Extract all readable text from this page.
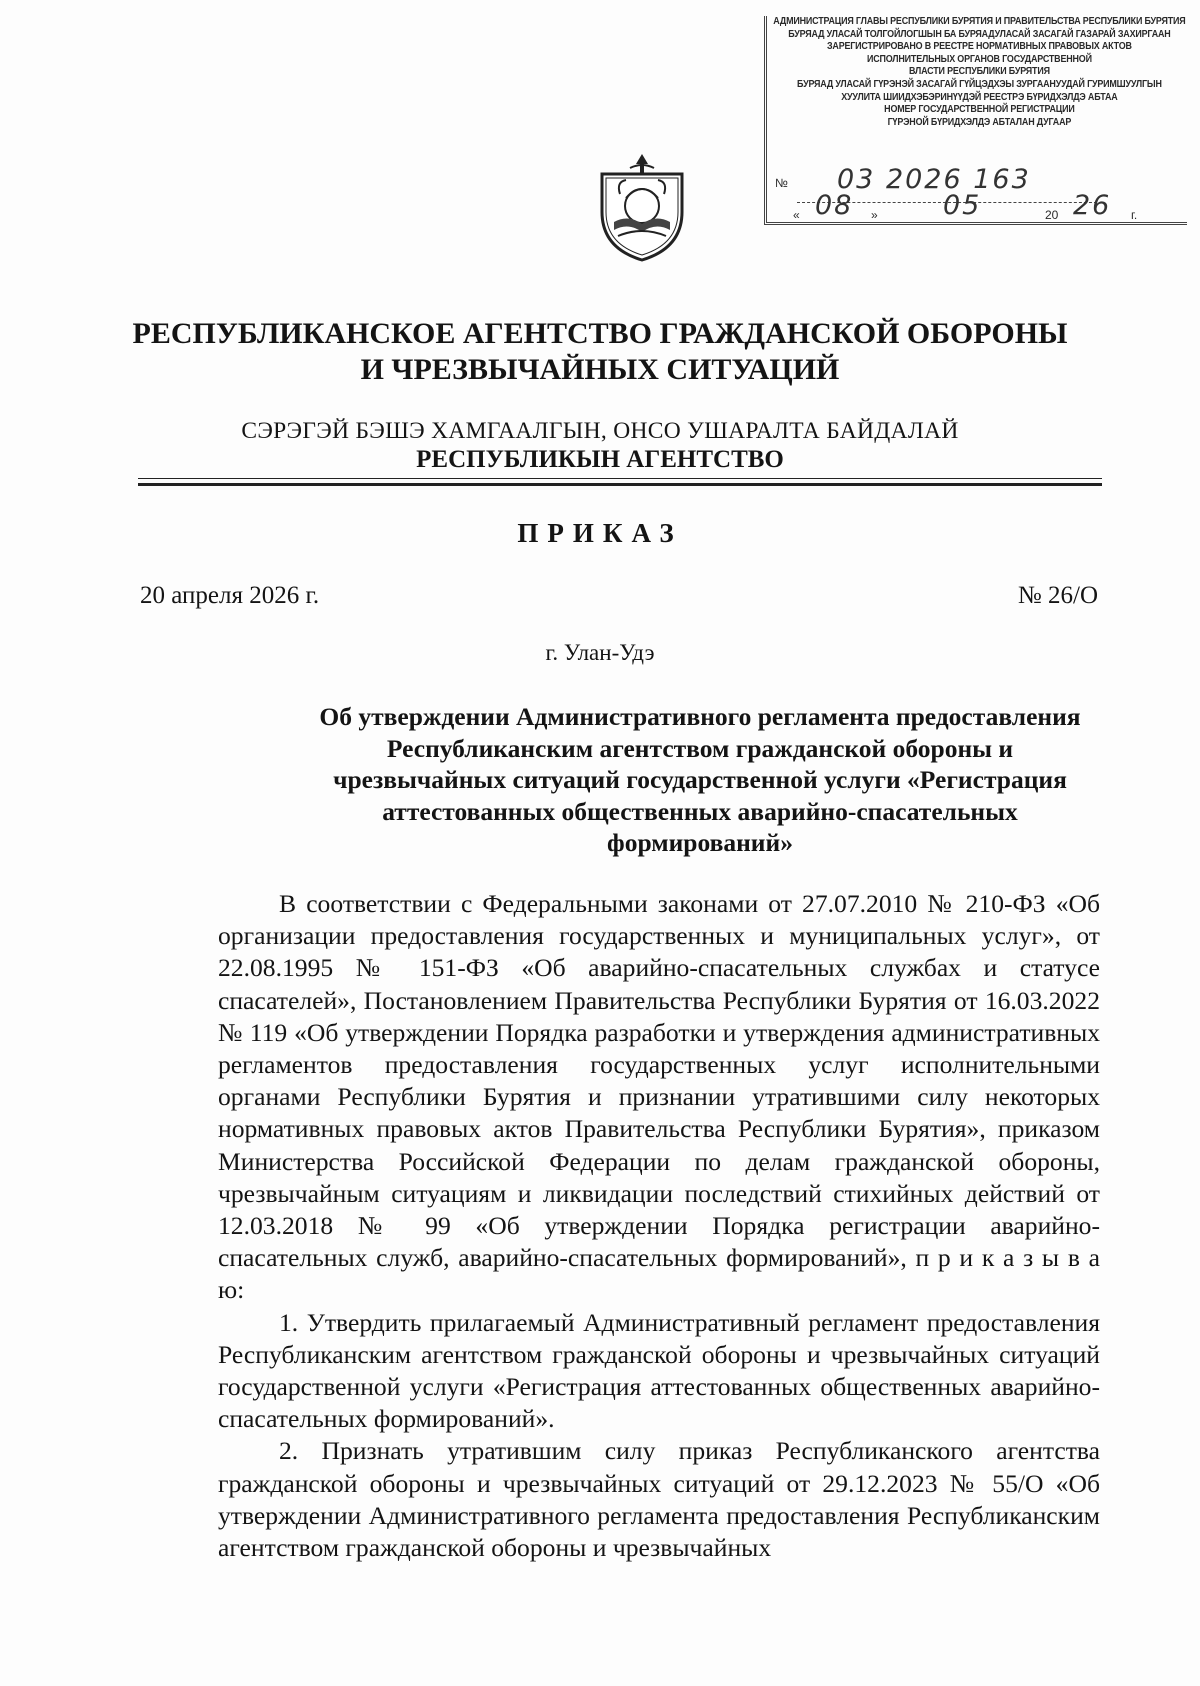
АДМИНИСТРАЦИЯ ГЛАВЫ РЕСПУБЛИКИ БУРЯТИЯ И ПРАВИТЕЛЬСТВА РЕСПУБЛИКИ БУРЯТИЯ
БУРЯАД УЛАСАЙ ТОЛГОЙЛОГШЫН БА БУРЯАДУЛАСАЙ ЗАСАГАЙ ГАЗАРАЙ ЗАХИРГААН
ЗАРЕГИСТРИРОВАНО В РЕЕСТРЕ НОРМАТИВНЫХ ПРАВОВЫХ АКТОВ
ИСПОЛНИТЕЛЬНЫХ ОРГАНОВ ГОСУДАРСТВЕННОЙ
ВЛАСТИ РЕСПУБЛИКИ БУРЯТИЯ
БУРЯАД УЛАСАЙ ГҮРЭНЭЙ ЗАСАГАЙ ГҮЙЦЭДХЭЫ ЗУРГААНУУДАЙ ГУРИМШУУЛГЫН
ХУУЛИТА ШИИДХЭБЭРИНҮҮДЭЙ РЕЕСТРЭ БҮРИДХЭЛДЭ АБТАА
НОМЕР ГОСУДАРСТВЕННОЙ РЕГИСТРАЦИИ
ГҮРЭНОЙ БҮРИДХЭЛДЭ АБТАЛАН ДУГААР
№ 03 2026 163
« 08 » 05	20 26 г.
РЕСПУБЛИКАНСКОЕ АГЕНТСТВО ГРАЖДАНСКОЙ ОБОРОНЫ
И ЧРЕЗВЫЧАЙНЫХ СИТУАЦИЙ
СЭРЭГЭЙ БЭШЭ ХАМГААЛГЫН, ОНСО УШАРАЛТА БАЙДАЛАЙ
РЕСПУБЛИКЫН АГЕНТСТВО
ПРИКАЗ
20 апреля 2026 г.	№ 26/О
г. Улан-Удэ
Об утверждении Административного регламента предоставления Республиканским агентством гражданской обороны и чрезвычайных ситуаций государственной услуги «Регистрация аттестованных общественных аварийно-спасательных формирований»

В соответствии с Федеральными законами от 27.07.2010 № 210-ФЗ «Об организации предоставления государственных и муниципальных услуг», от 22.08.1995 № 151-ФЗ «Об аварийно-спасательных службах и статусе спасателей», Постановлением Правительства Республики Бурятия от 16.03.2022 № 119 «Об утверждении Порядка разработки и утверждения административных регламентов предоставления государственных услуг исполнительными органами Республики Бурятия и признании утратившими силу некоторых нормативных правовых актов Правительства Республики Бурятия», приказом Министерства Российской Федерации по делам гражданской обороны, чрезвычайным ситуациям и ликвидации последствий стихийных действий от 12.03.2018 № 99 «Об утверждении Порядка регистрации аварийно-спасательных служб, аварийно-спасательных формирований», п р и к а з ы в а ю:

1. Утвердить прилагаемый Административный регламент предоставления Республиканским агентством гражданской обороны и чрезвычайных ситуаций государственной услуги «Регистрация аттестованных общественных аварийно-спасательных формирований».

2. Признать утратившим силу приказ Республиканского агентства гражданской обороны и чрезвычайных ситуаций от 29.12.2023 № 55/О «Об утверждении Административного регламента предоставления Республиканским агентством гражданской обороны и чрезвычайных
